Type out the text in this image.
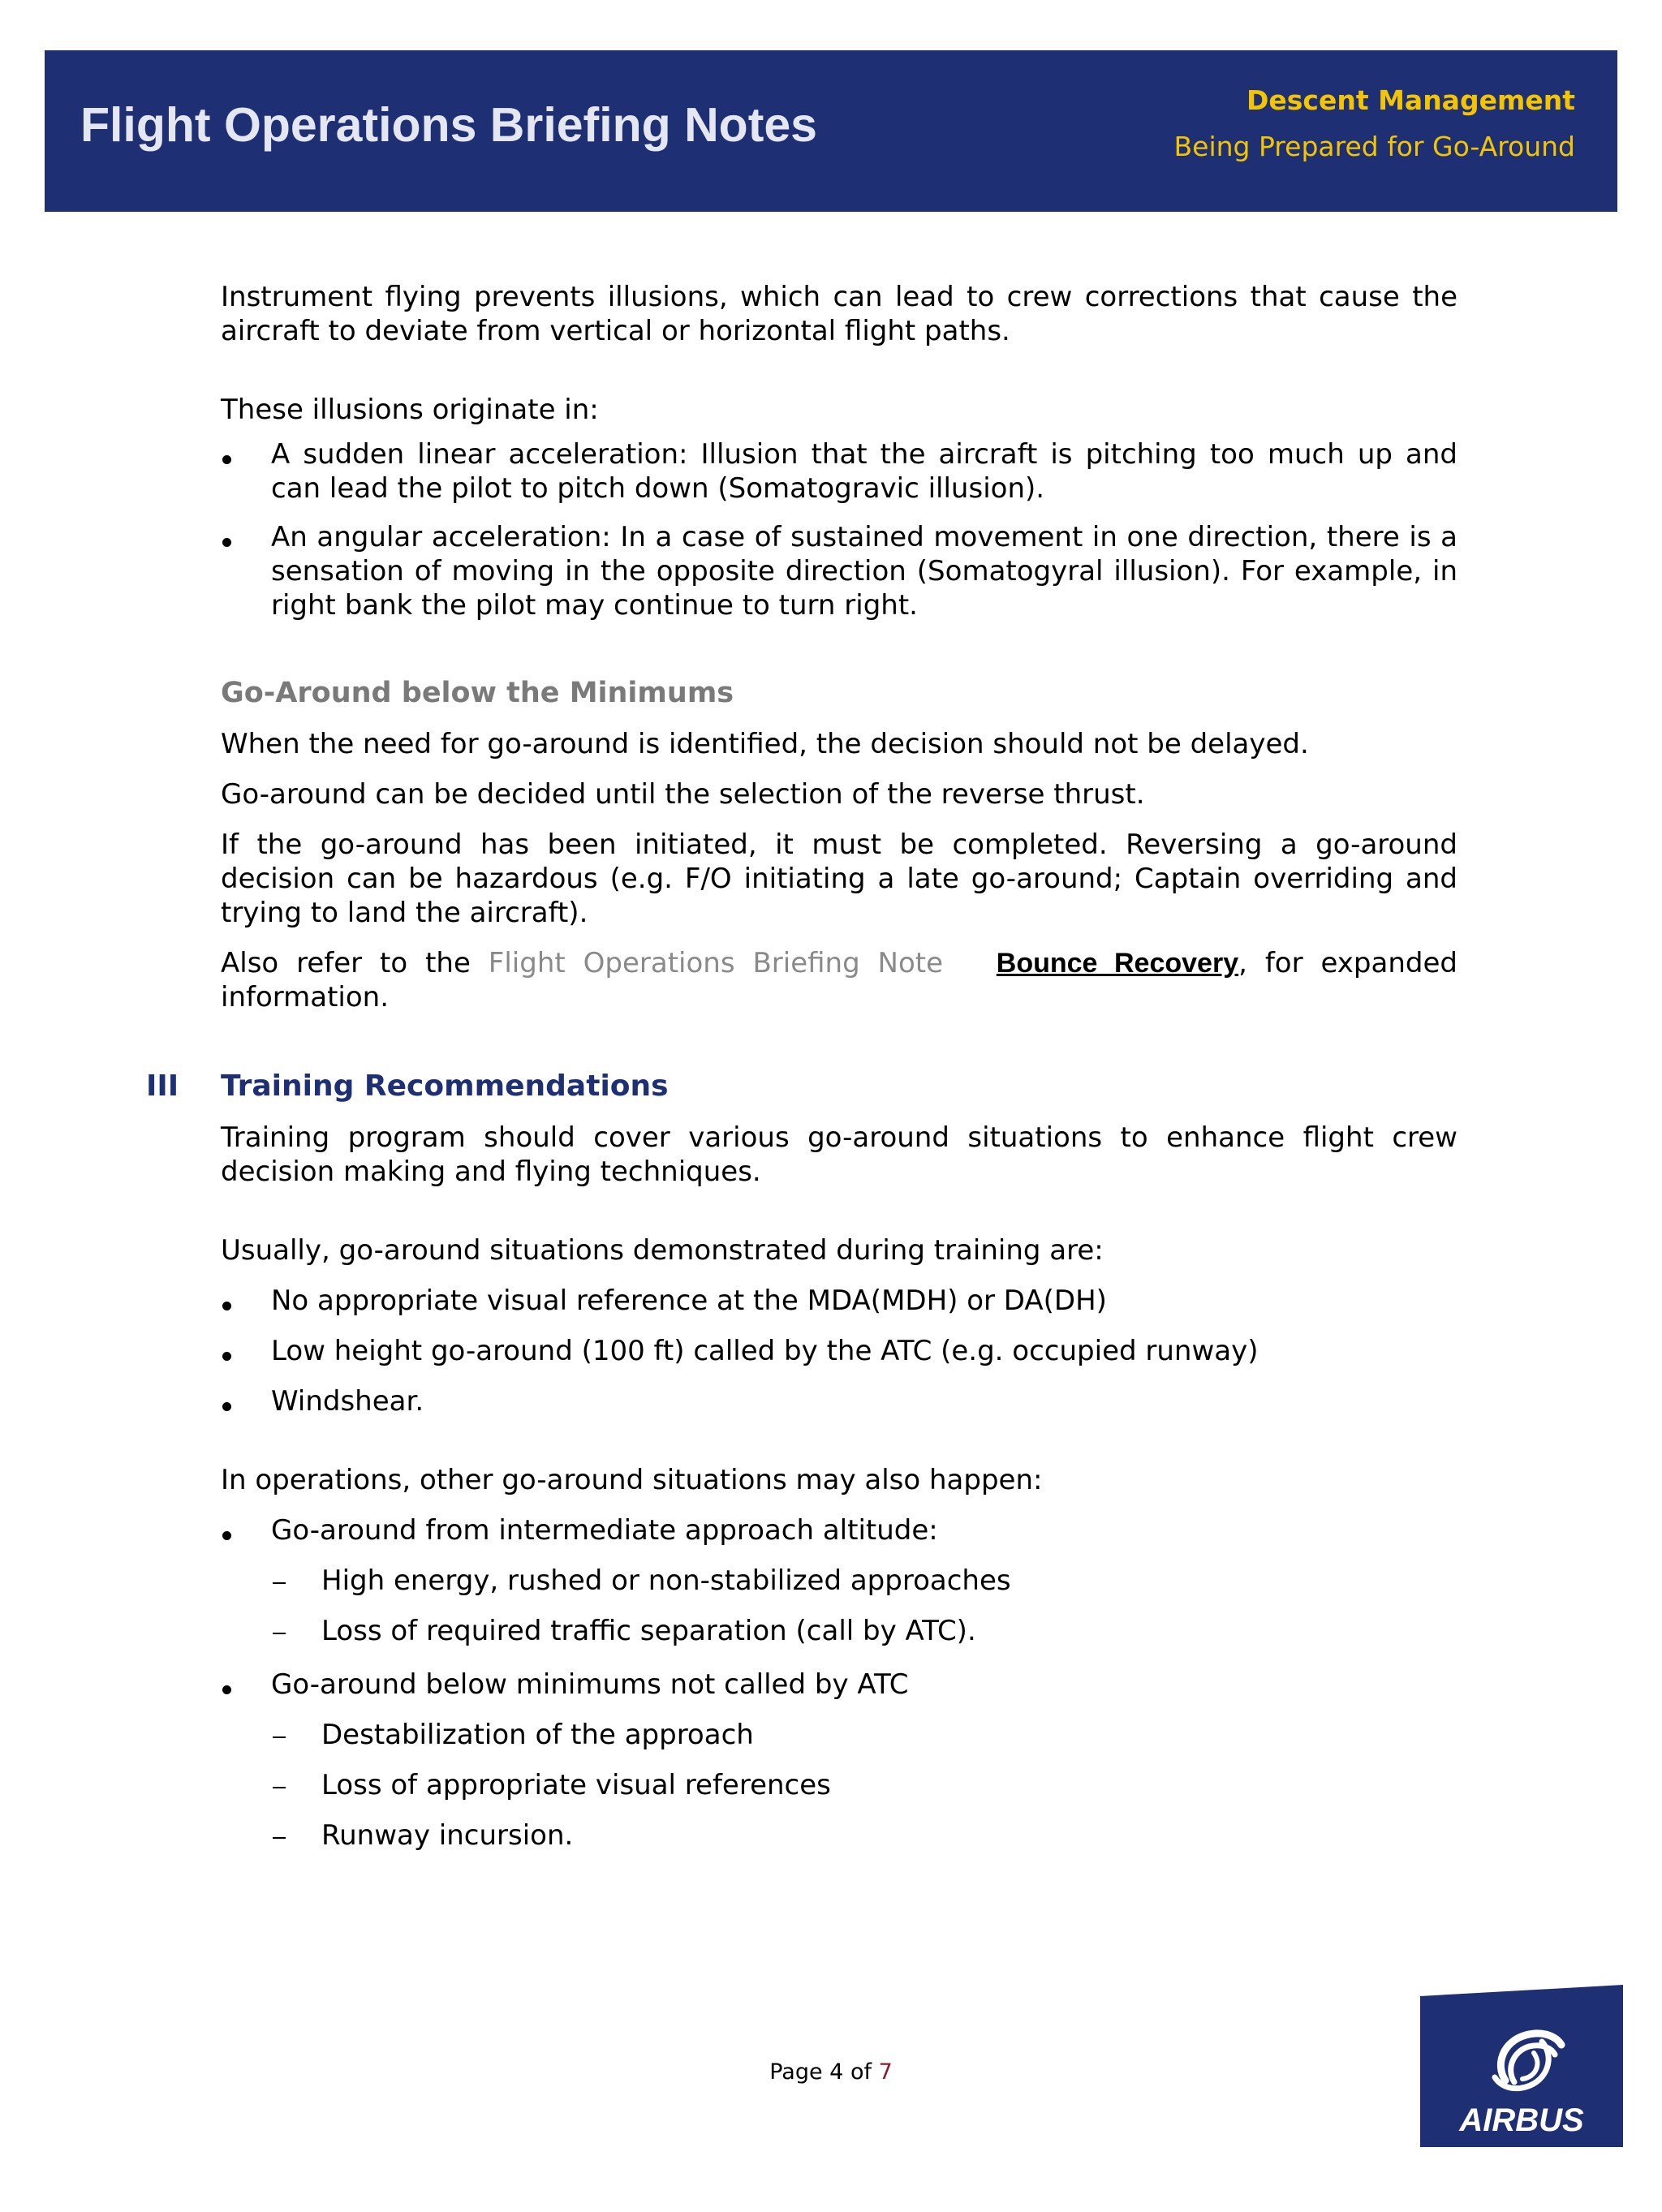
Flight Operations Briefing Notes	Descent Management
Being Prepared for Go-Around

Instrument flying prevents illusions, which can lead to crew corrections that cause the aircraft to deviate from vertical or horizontal flight paths.

These illusions originate in:

A sudden linear acceleration: Illusion that the aircraft is pitching too much up and can lead the pilot to pitch down (Somatogravic illusion).
An angular acceleration: In a case of sustained movement in one direction, there is a sensation of moving in the opposite direction (Somatogyral illusion). For example, in right bank the pilot may continue to turn right.

Go-Around below the Minimums

When the need for go-around is identified, the decision should not be delayed.

Go-around can be decided until the selection of the reverse thrust.

If the go-around has been initiated, it must be completed. Reversing a go-around decision can be hazardous (e.g. F/O initiating a late go-around; Captain overriding and trying to land the aircraft).

Also refer to the Flight Operations Briefing Note Bounce Recovery, for expanded information.

III Training Recommendations

Training program should cover various go-around situations to enhance flight crew decision making and flying techniques.

Usually, go-around situations demonstrated during training are:

No appropriate visual reference at the MDA(MDH) or DA(DH)
Low height go-around (100 ft) called by the ATC (e.g. occupied runway)
Windshear.

In operations, other go-around situations may also happen:

Go-around from intermediate approach altitude:
High energy, rushed or non-stabilized approaches
Loss of required traffic separation (call by ATC).
Go-around below minimums not called by ATC
Destabilization of the approach
Loss of appropriate visual references
Runway incursion.
Page 4 of 7
AIRBUS
